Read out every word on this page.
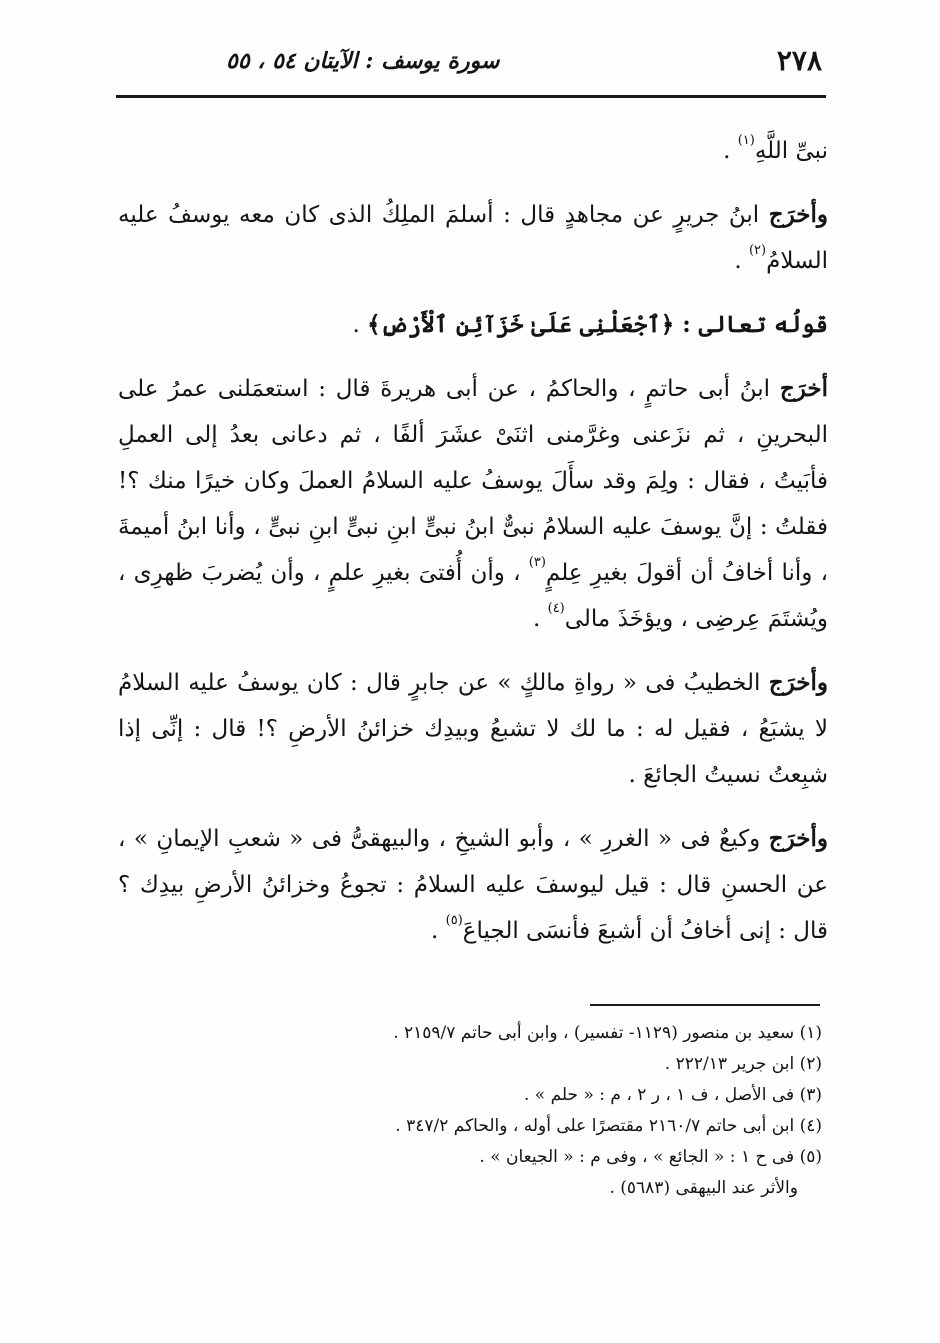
٢٧٨
سورة يوسف : الآيتان ٥٤ ، ٥٥

نبىِّ اللَّهِ$^{(١)}$ .

وأخرَج ابنُ جريرٍ عن مجاهدٍ قال : أسلمَ الملِكُ الذى كان معه يوسفُ عليه السلامُ$^{(٢)}$ .

قولُه تعالى : ﴿ٱجْعَلْنِى عَلَىٰ خَزَآئِنِ ٱلْأَرْضِ﴾ .

أخرَج ابنُ أبى حاتمٍ ، والحاكمُ ، عن أبى هريرةَ قال : استعمَلنى عمرُ على البحرينِ ، ثم نزَعنى وغرَّمنى اثنَىْ عشَرَ ألفًا ، ثم دعانى بعدُ إلى العملِ فأبَيتُ ، فقال : ولِمَ وقد سأَلَ يوسفُ عليه السلامُ العملَ وكان خيرًا منك ؟! فقلتُ : إنَّ يوسفَ عليه السلامُ نبىٌّ ابنُ نبىٍّ ابنِ نبىٍّ ابنِ نبىٍّ ، وأنا ابنُ أميمةَ ، وأنا أخافُ أن أقولَ بغيرِ عِلمٍ$^{(٣)}$ ، وأن أُفتىَ بغيرِ علمٍ ، وأن يُضربَ ظهرِى ، ويُشتَمَ عِرضِى ، ويؤخَذَ مالى$^{(٤)}$ .

وأخرَج الخطيبُ فى « رواةِ مالكٍ » عن جابرٍ قال : كان يوسفُ عليه السلامُ لا يشبَعُ ، فقيل له : ما لك لا تشبعُ وبيدِك خزائنُ الأرضِ ؟! قال : إنِّى إذا شبِعتُ نسيتُ الجائعَ .

وأخرَج وكيعٌ فى « الغررِ » ، وأبو الشيخِ ، والبيهقىُّ فى « شعبِ الإيمانِ » ، عن الحسنِ قال : قيل ليوسفَ عليه السلامُ : تجوعُ وخزائنُ الأرضِ بيدِك ؟ قال : إنى أخافُ أن أشبعَ فأنسَى الجياعَ$^{(٥)}$ .

(١) سعيد بن منصور (١١٢٩- تفسير) ، وابن أبى حاتم ٢١٥٩/٧ .

(٢) ابن جرير ٢٢٢/١٣ .

(٣) فى الأصل ، ف ١ ، ر ٢ ، م : « حلم » .

(٤) ابن أبى حاتم ٢١٦٠/٧ مقتصرًا على أوله ، والحاكم ٣٤٧/٢ .

(٥) فى ح ١ : « الجائع » ، وفى م : « الجيعان » .

والأثر عند البيهقى (٥٦٨٣) .
